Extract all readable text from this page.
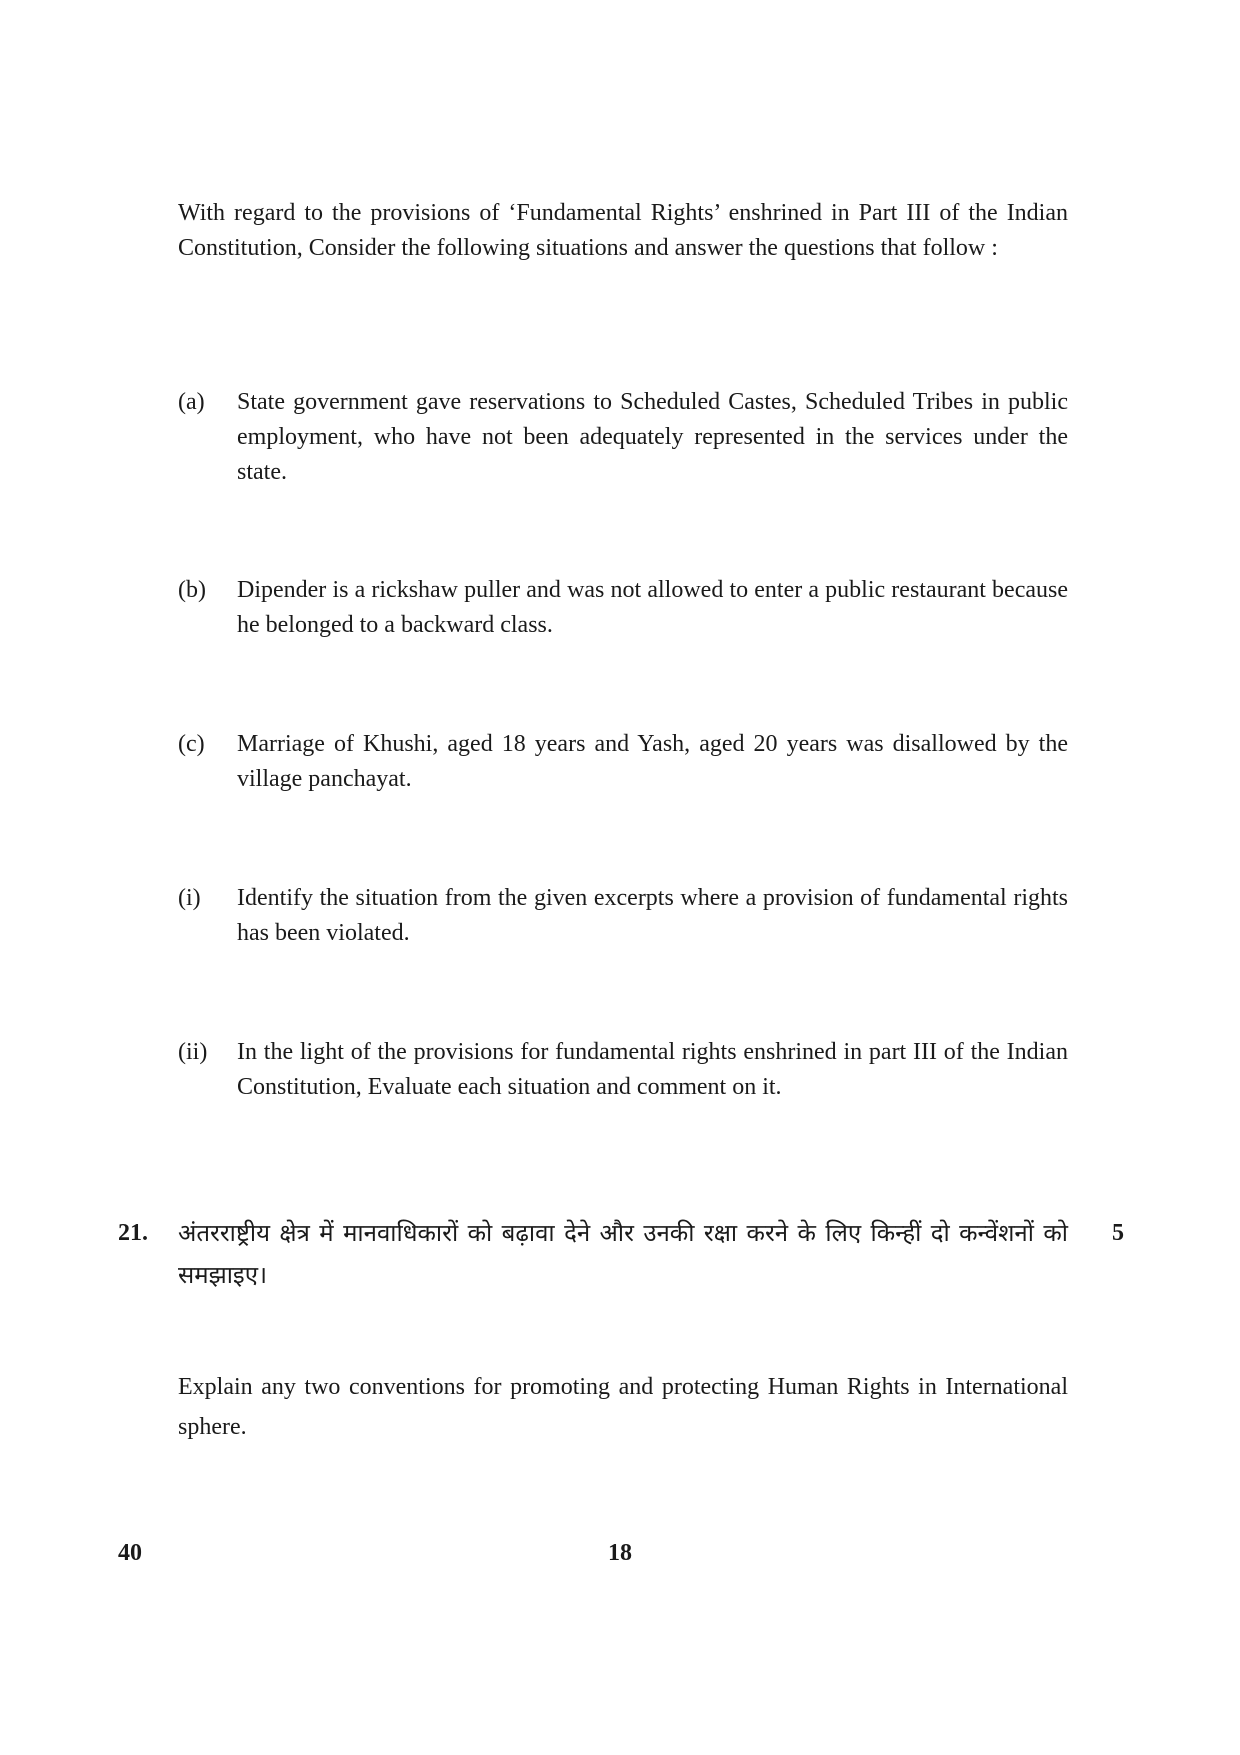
With regard to the provisions of ‘Fundamental Rights’ enshrined in Part III of the Indian Constitution, Consider the following situations and answer the questions that follow :
(a) State government gave reservations to Scheduled Castes, Scheduled Tribes in public employment, who have not been adequately represented in the services under the state.
(b) Dipender is a rickshaw puller and was not allowed to enter a public restaurant because he belonged to a backward class.
(c) Marriage of Khushi, aged 18 years and Yash, aged 20 years was disallowed by the village panchayat.
(i) Identify the situation from the given excerpts where a provision of fundamental rights has been violated.
(ii) In the light of the provisions for fundamental rights enshrined in part III of the Indian Constitution, Evaluate each situation and comment on it.
21. अंतरराष्ट्रीय क्षेत्र में मानवाधिकारों को बढ़ावा देने और उनकी रक्षा करने के लिए किन्हीं दो कन्वेंशनों को समझाइए।
5
Explain any two conventions for promoting and protecting Human Rights in International sphere.
40	18
